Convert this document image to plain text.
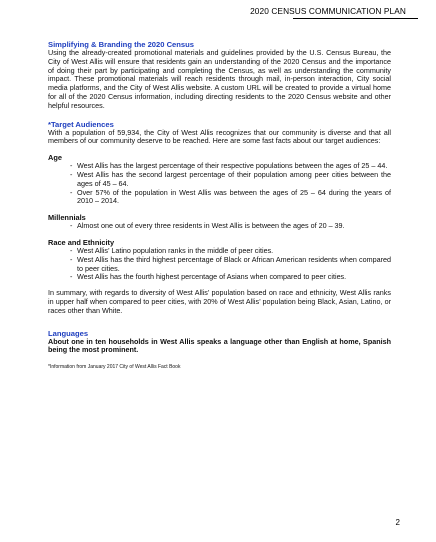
2020 CENSUS COMMUNICATION PLAN
Simplifying & Branding the 2020 Census

Using the already-created promotional materials and guidelines provided by the U.S. Census Bureau, the City of West Allis will ensure that residents gain an understanding of the 2020 Census and the importance of doing their part by participating and completing the Census, as well as understanding the community impact. These promotional materials will reach residents through mail, in-person interaction, City social media platforms, and the City of West Allis website. A custom URL will be created to provide a virtual home for all of the 2020 Census information, including directing residents to the 2020 Census website and other helpful resources.

*Target Audiences

With a population of 59,934, the City of West Allis recognizes that our community is diverse and that all members of our community deserve to be reached. Here are some fast facts about our target audiences:

Age
- West Allis has the largest percentage of their respective populations between the ages of 25 – 44.
- West Allis has the second largest percentage of their population among peer cities between the ages of 45 – 64.
- Over 57% of the population in West Allis was between the ages of 25 – 64 during the years of 2010 – 2014.
Millennials
- Almost one out of every three residents in West Allis is between the ages of 20 – 39.
Race and Ethnicity
- West Allis’ Latino population ranks in the middle of peer cities.
- West Allis has the third highest percentage of Black or African American residents when compared to peer cities.
- West Allis has the fourth highest percentage of Asians when compared to peer cities.

In summary, with regards to diversity of West Allis’ population based on race and ethnicity, West Allis ranks in upper half when compared to peer cities, with 20% of West Allis’ population being Black, Asian, Latino, or races other than White.

Languages

About one in ten households in West Allis speaks a language other than English at home, Spanish being the most prominent.

*Information from January 2017 City of West Allis Fact Book

2
